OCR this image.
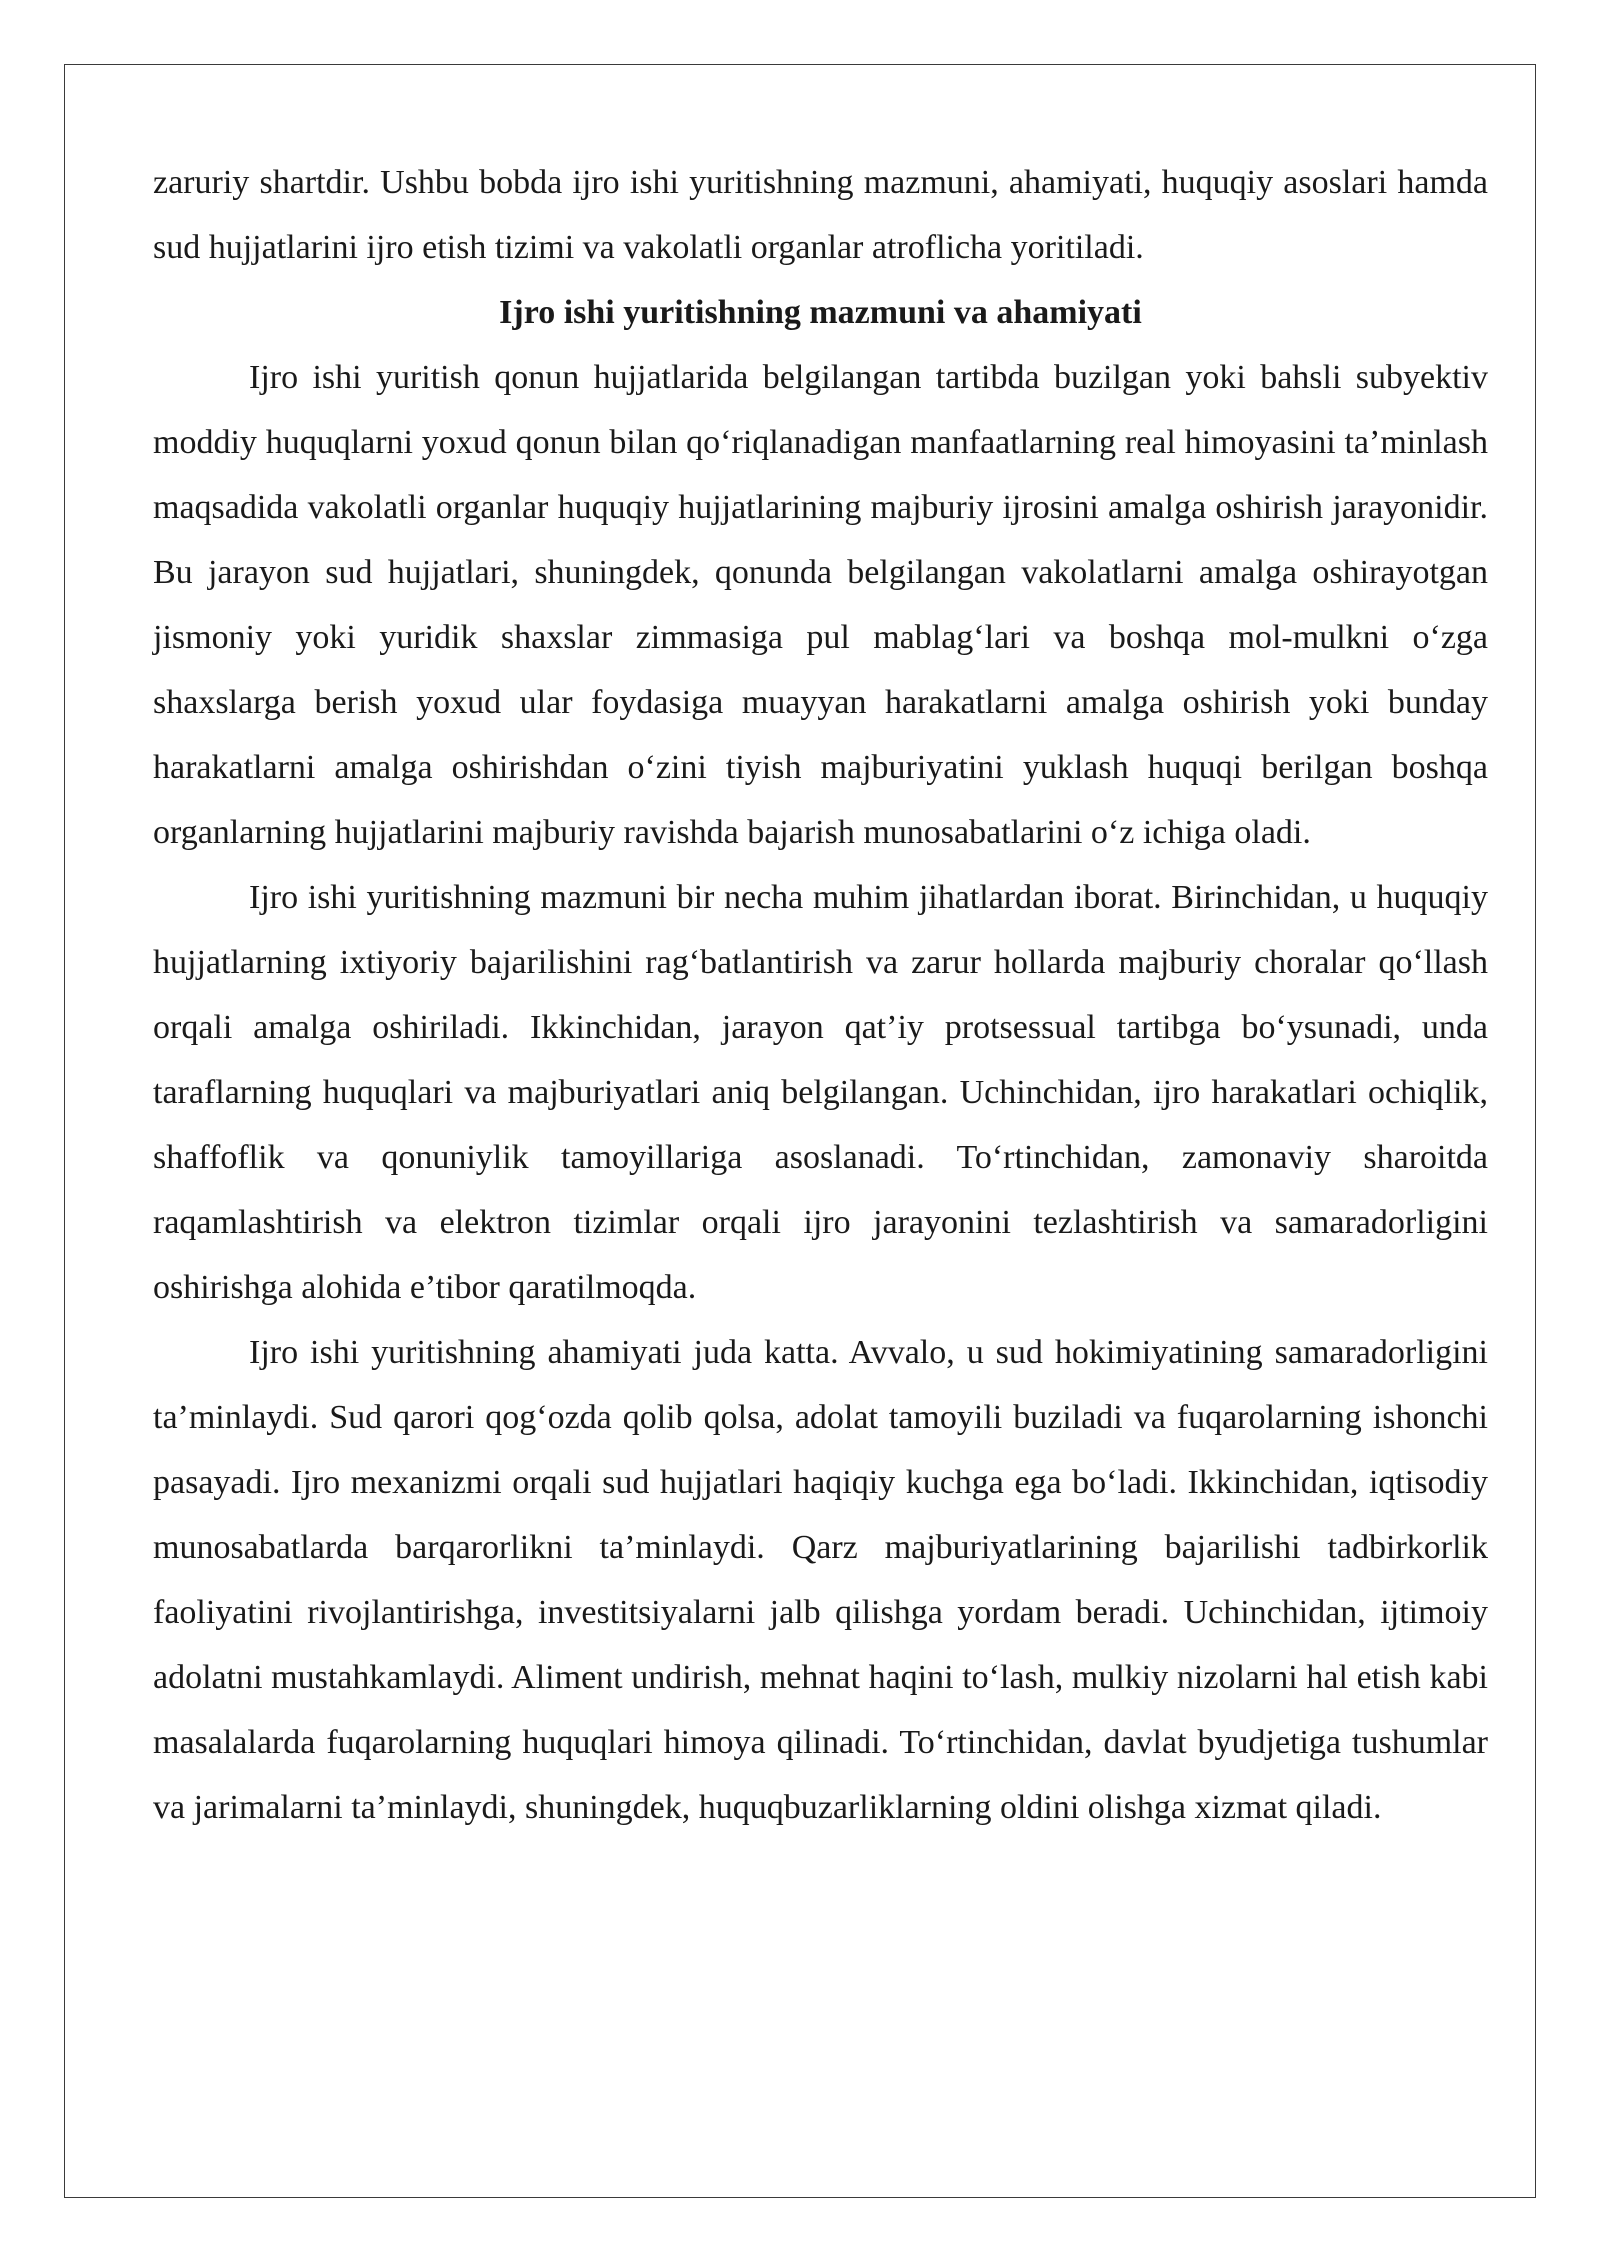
zaruriy shartdir. Ushbu bobda ijro ishi yuritishning mazmuni, ahamiyati, huquqiy asoslari hamda sud hujjatlarini ijro etish tizimi va vakolatli organlar atroflicha yoritiladi.

Ijro ishi yuritishning mazmuni va ahamiyati

Ijro ishi yuritish qonun hujjatlarida belgilangan tartibda buzilgan yoki bahsli subyektiv moddiy huquqlarni yoxud qonun bilan qo‘riqlanadigan manfaatlarning real himoyasini ta’minlash maqsadida vakolatli organlar huquqiy hujjatlarining majburiy ijrosini amalga oshirish jarayonidir. Bu jarayon sud hujjatlari, shuningdek, qonunda belgilangan vakolatlarni amalga oshirayotgan jismoniy yoki yuridik shaxslar zimmasiga pul mablag‘lari va boshqa mol-mulkni o‘zga shaxslarga berish yoxud ular foydasiga muayyan harakatlarni amalga oshirish yoki bunday harakatlarni amalga oshirishdan o‘zini tiyish majburiyatini yuklash huquqi berilgan boshqa organlarning hujjatlarini majburiy ravishda bajarish munosabatlarini o‘z ichiga oladi.

Ijro ishi yuritishning mazmuni bir necha muhim jihatlardan iborat. Birinchidan, u huquqiy hujjatlarning ixtiyoriy bajarilishini rag‘batlantirish va zarur hollarda majburiy choralar qo‘llash orqali amalga oshiriladi. Ikkinchidan, jarayon qat’iy protsessual tartibga bo‘ysunadi, unda taraflarning huquqlari va majburiyatlari aniq belgilangan. Uchinchidan, ijro harakatlari ochiqlik, shaffoflik va qonuniylik tamoyillariga asoslanadi. To‘rtinchidan, zamonaviy sharoitda raqamlashtirish va elektron tizimlar orqali ijro jarayonini tezlashtirish va samaradorligini oshirishga alohida e’tibor qaratilmoqda.

Ijro ishi yuritishning ahamiyati juda katta. Avvalo, u sud hokimiyatining samaradorligini ta’minlaydi. Sud qarori qog‘ozda qolib qolsa, adolat tamoyili buziladi va fuqarolarning ishonchi pasayadi. Ijro mexanizmi orqali sud hujjatlari haqiqiy kuchga ega bo‘ladi. Ikkinchidan, iqtisodiy munosabatlarda barqarorlikni ta’minlaydi. Qarz majburiyatlarining bajarilishi tadbirkorlik faoliyatini rivojlantirishga, investitsiyalarni jalb qilishga yordam beradi. Uchinchidan, ijtimoiy adolatni mustahkamlaydi. Aliment undirish, mehnat haqini to‘lash, mulkiy nizolarni hal etish kabi masalalarda fuqarolarning huquqlari himoya qilinadi. To‘rtinchidan, davlat byudjetiga tushumlar va jarimalarni ta’minlaydi, shuningdek, huquqbuzarliklarning oldini olishga xizmat qiladi.
